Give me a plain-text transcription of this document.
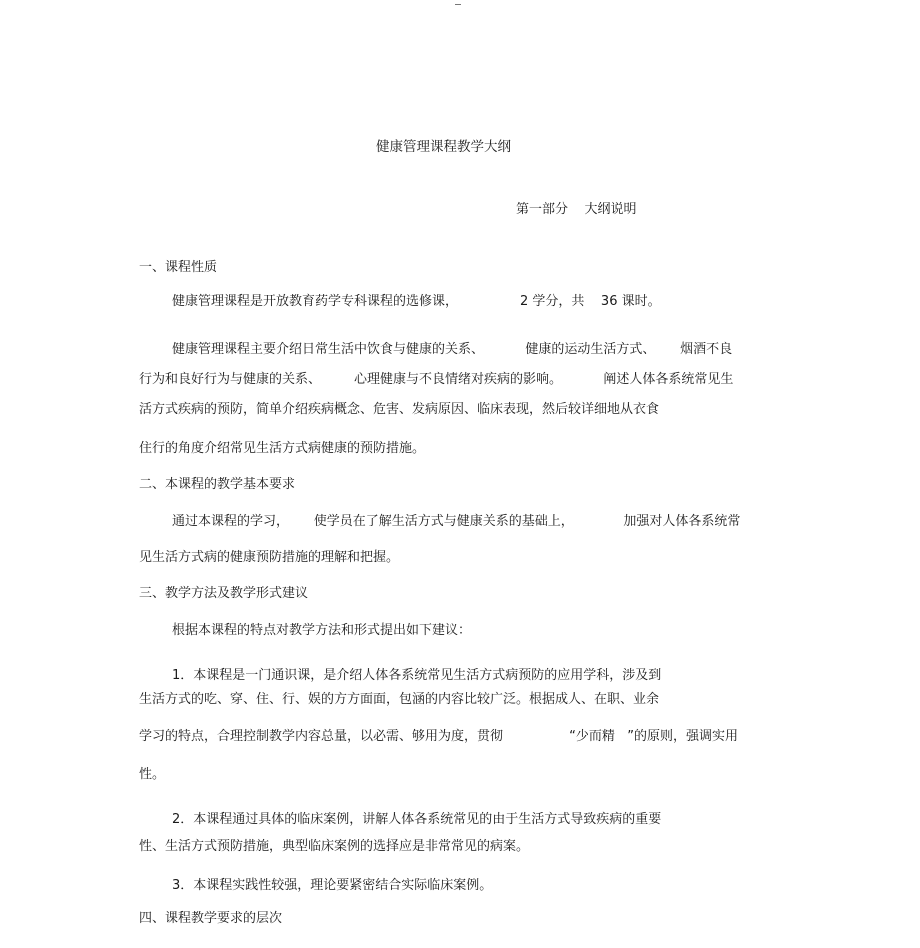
健康管理课程教学大纲
第一部分    大纲说明
一、课程性质
健康管理课程是开放教育药学专科课程的选修课，               2 学分，共    36 课时。
健康管理课程主要介绍日常生活中饮食与健康的关系、          健康的运动生活方式、      烟酒不良
行为和良好行为与健康的关系、        心理健康与不良情绪对疾病的影响。          阐述人体各系统常见生
活方式疾病的预防，简单介绍疾病概念、危害、发病原因、临床表现，然后较详细地从衣食
住行的角度介绍常见生活方式病健康的预防措施。
二、本课程的教学基本要求
通过本课程的学习，      使学员在了解生活方式与健康关系的基础上，            加强对人体各系统常
见生活方式病的健康预防措施的理解和把握。
三、教学方法及教学形式建议
根据本课程的特点对教学方法和形式提出如下建议：
1．本课程是一门通识课，是介绍人体各系统常见生活方式病预防的应用学科，涉及到
生活方式的吃、穿、住、行、娱的方方面面，包涵的内容比较广泛。根据成人、在职、业余
学习的特点，合理控制教学内容总量，以必需、够用为度，贯彻                “少而精   ”的原则，强调实用
性。
2．本课程通过具体的临床案例，讲解人体各系统常见的由于生活方式导致疾病的重要
性、生活方式预防措施，典型临床案例的选择应是非常常见的病案。
3．本课程实践性较强，理论要紧密结合实际临床案例。
四、课程教学要求的层次
